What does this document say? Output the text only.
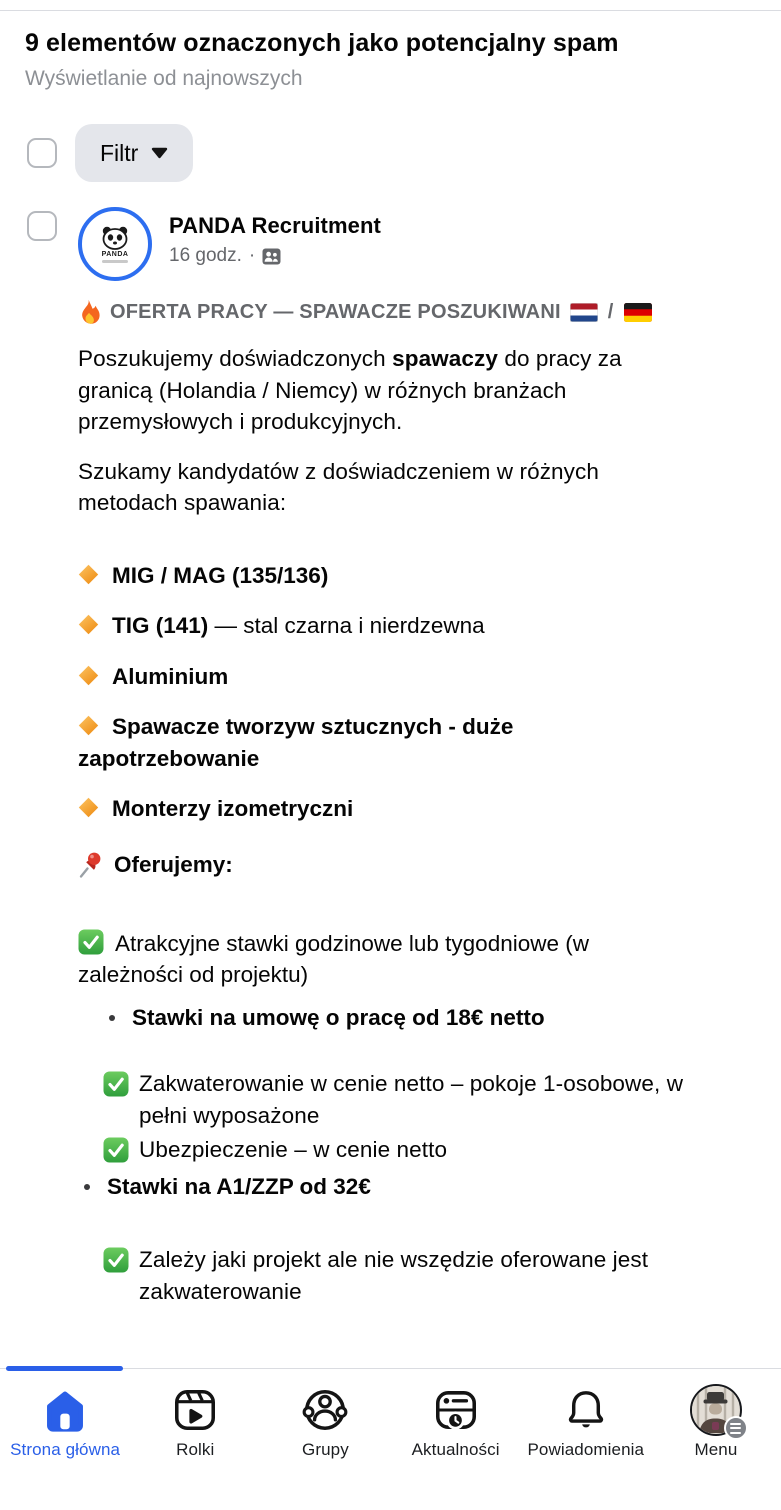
9 elementów oznaczonych jako potencjalny spam
Wyświetlanie od najnowszych
Filtr
PANDA
PANDA Recruitment
16 godz. ·
OFERTA PRACY — SPAWACZE POSZUKIWANI /
Poszukujemy doświadczonych spawaczy do pracy za
granicą (Holandia / Niemcy) w różnych branżach
przemysłowych i produkcyjnych.
Szukamy kandydatów z doświadczeniem w różnych
metodach spawania:
MIG / MAG (135/136)
TIG (141) — stal czarna i nierdzewna
Aluminium
Spawacze tworzyw sztucznych - duże
zapotrzebowanie
Monterzy izometryczni
Oferujemy:
Atrakcyjne stawki godzinowe lub tygodniowe (w
zależności od projektu)
Stawki na umowę o pracę od 18€ netto
Zakwaterowanie w cenie netto – pokoje 1-osobowe, w
pełni wyposażone
Ubezpieczenie – w cenie netto
Stawki na A1/ZZP od 32€
Zależy jaki projekt ale nie wszędzie oferowane jest
zakwaterowanie
Strona główna	Rolki	Grupy	Aktualności Powiadomienia	Menu
